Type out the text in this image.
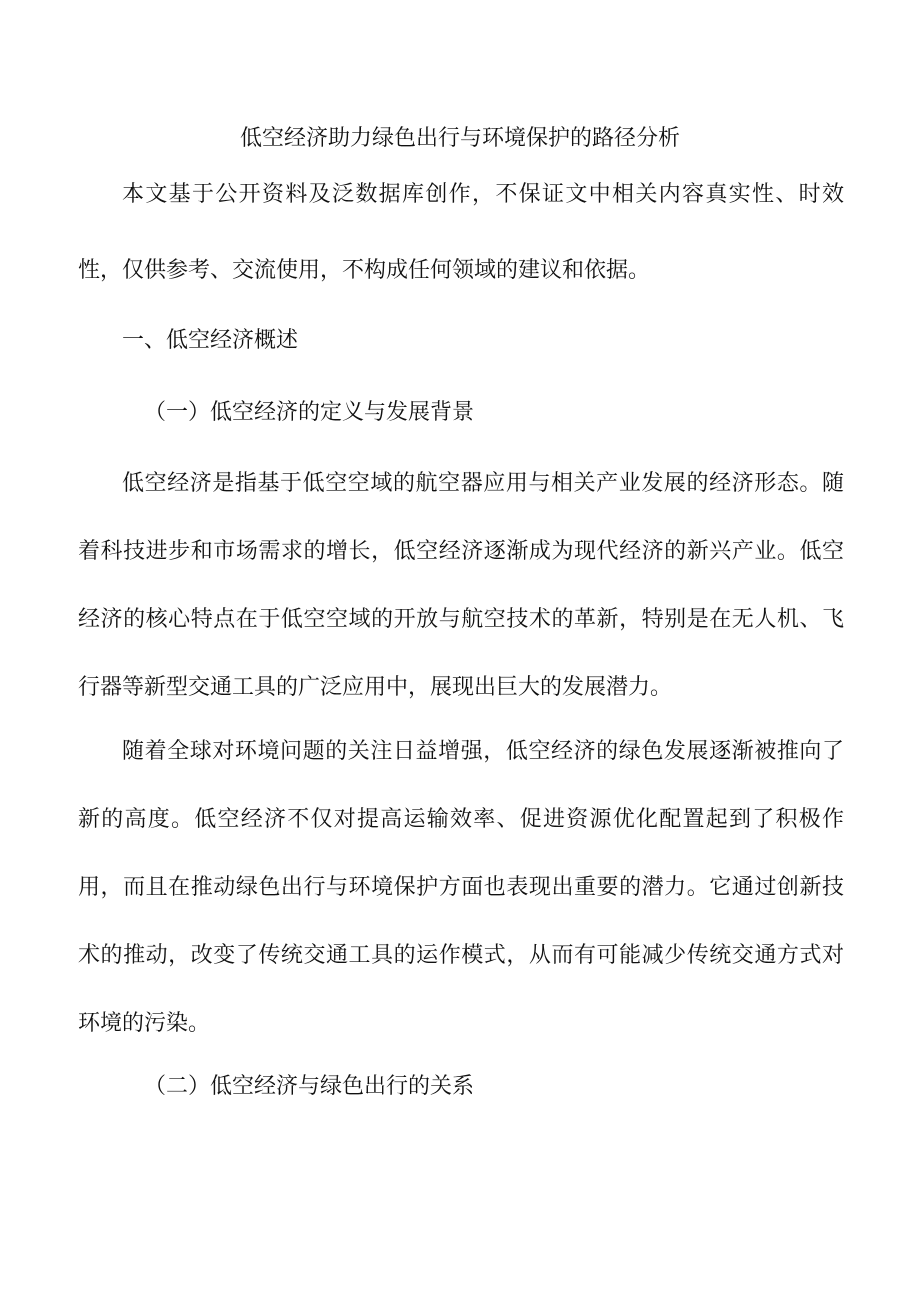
低空经济助力绿色出行与环境保护的路径分析
本文基于公开资料及泛数据库创作，不保证文中相关内容真实性、时效性，仅供参考、交流使用，不构成任何领域的建议和依据。
一、低空经济概述
（一）低空经济的定义与发展背景
低空经济是指基于低空空域的航空器应用与相关产业发展的经济形态。随着科技进步和市场需求的增长，低空经济逐渐成为现代经济的新兴产业。低空经济的核心特点在于低空空域的开放与航空技术的革新，特别是在无人机、飞行器等新型交通工具的广泛应用中，展现出巨大的发展潜力。
随着全球对环境问题的关注日益增强，低空经济的绿色发展逐渐被推向了新的高度。低空经济不仅对提高运输效率、促进资源优化配置起到了积极作用，而且在推动绿色出行与环境保护方面也表现出重要的潜力。它通过创新技术的推动，改变了传统交通工具的运作模式，从而有可能减少传统交通方式对环境的污染。
（二）低空经济与绿色出行的关系
